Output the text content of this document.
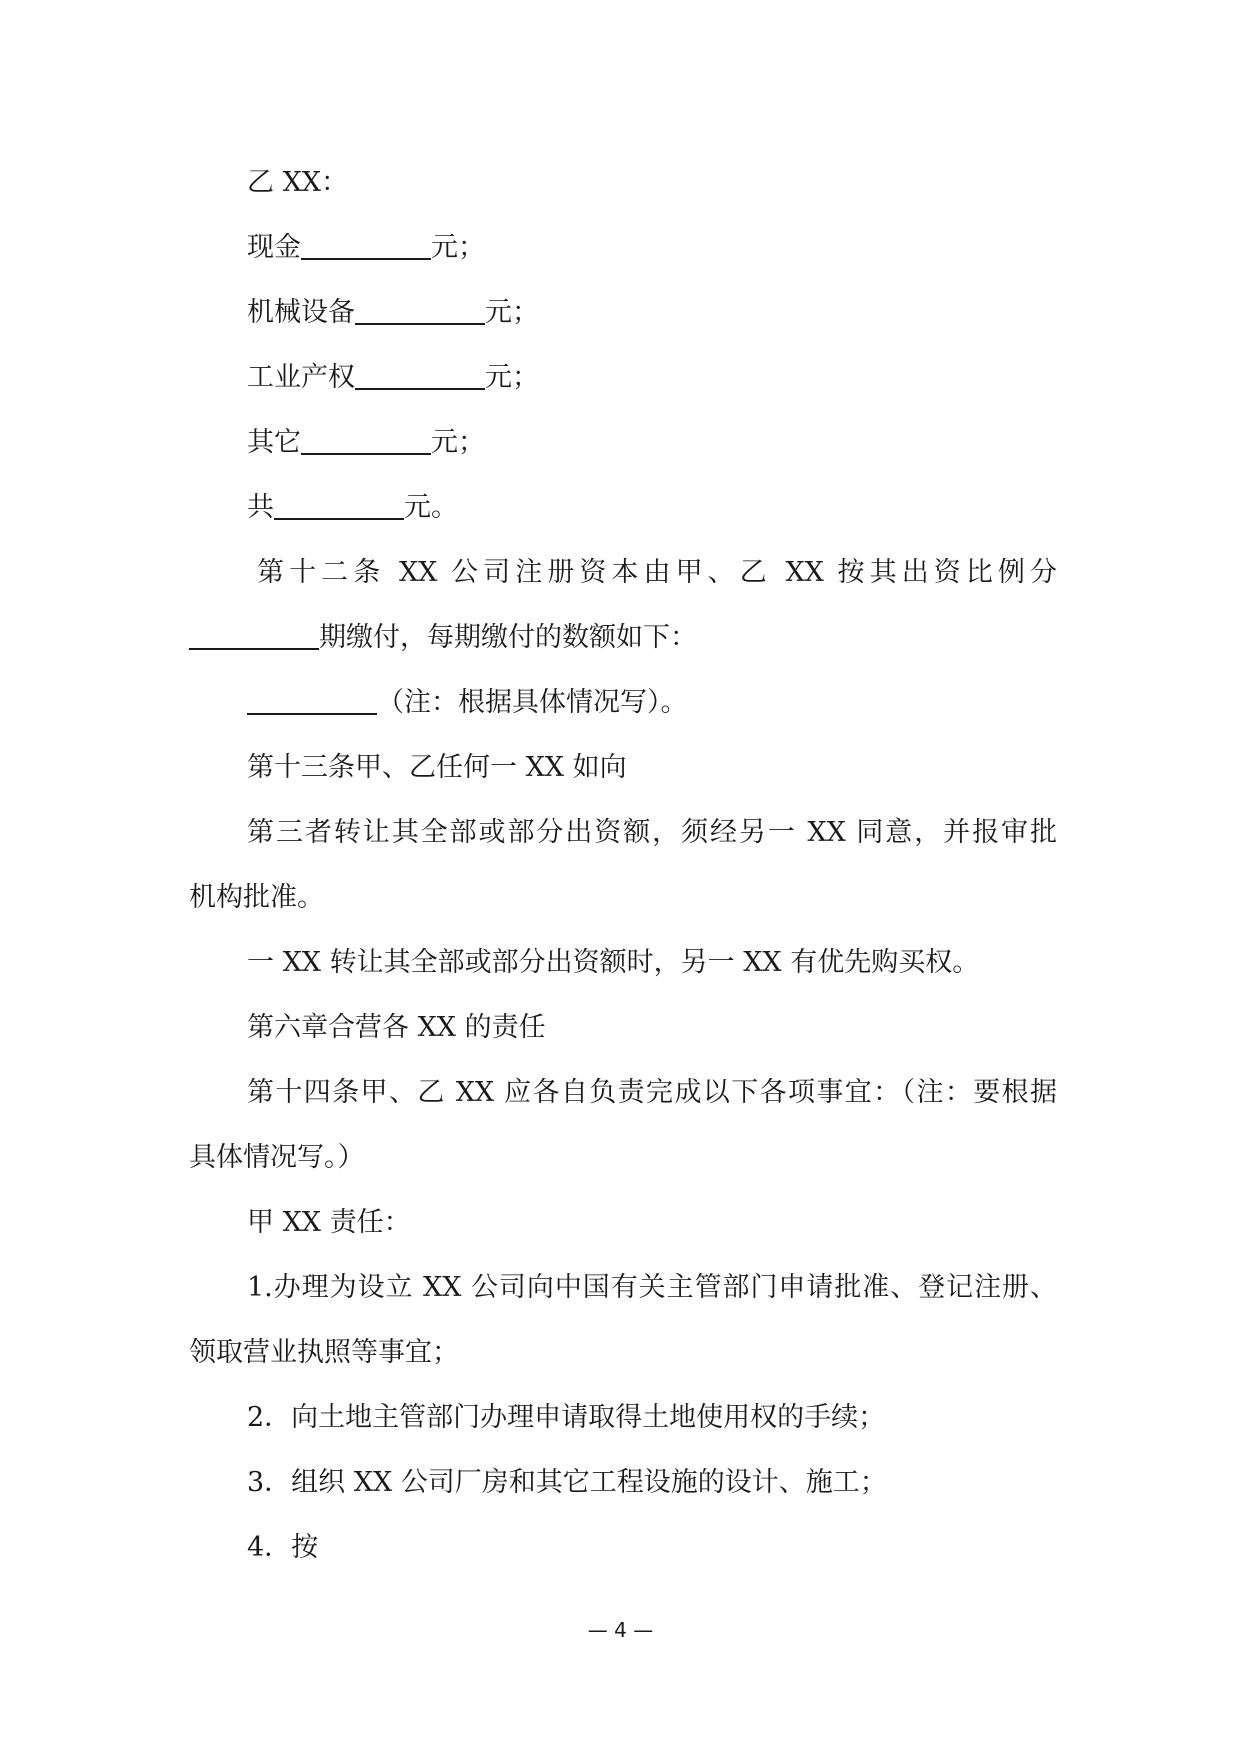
乙 XX：
现金	元；
机械设备	元；
工业产权	元；
其它	元；
共	元。
第十二条 XX 公司注册资本由甲、乙 XX 按其出资比例分
期缴付，每期缴付的数额如下：
（注：根据具体情况写）。
第十三条甲、乙任何一 XX 如向
第三者转让其全部或部分出资额，须经另一 XX 同意，并报审批
机构批准。
一 XX 转让其全部或部分出资额时，另一 XX 有优先购买权。
第六章合营各 XX 的责任
第十四条甲、乙 XX 应各自负责完成以下各项事宜：（注：要根据
具体情况写。）
甲 XX 责任：
1.办理为设立 XX 公司向中国有关主管部门申请批准、登记注册、
领取营业执照等事宜；
2．向土地主管部门办理申请取得土地使用权的手续；
3．组织 XX 公司厂房和其它工程设施的设计、施工；
4．按
— 4 —
